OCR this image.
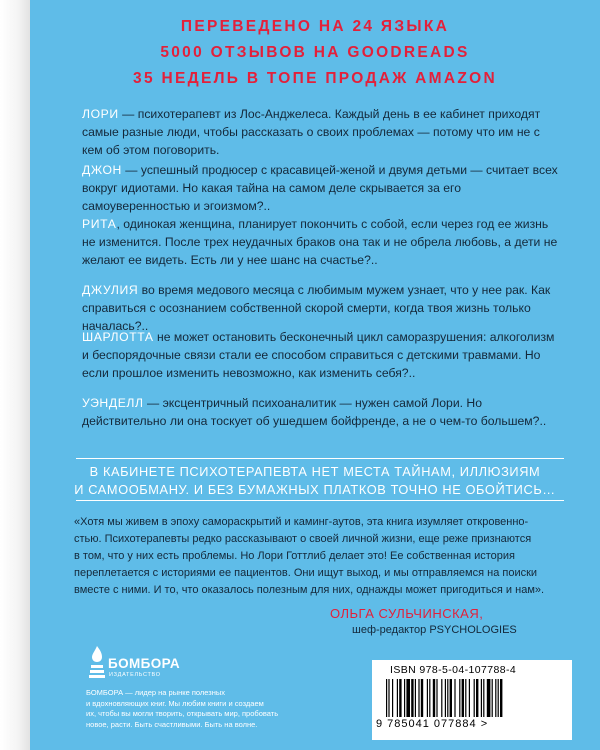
ПЕРЕВЕДЕНО НА 24 ЯЗЫКА
5000 ОТЗЫВОВ НА GOODREADS
35 НЕДЕЛЬ В ТОПЕ ПРОДАЖ AMAZON
ЛОРИ — психотерапевт из Лос-Анджелеса. Каждый день в ее кабинет приходят самые разные люди, чтобы рассказать о своих проблемах — потому что им не с кем об этом поговорить.
ДЖОН — успешный продюсер с красавицей-женой и двумя детьми — считает всех вокруг идиотами. Но какая тайна на самом деле скрывается за его самоуверенностью и эгоизмом?..
РИТА, одинокая женщина, планирует покончить с собой, если через год ее жизнь не изменится. После трех неудачных браков она так и не обрела любовь, а дети не желают ее видеть. Есть ли у нее шанс на счастье?..
ДЖУЛИЯ во время медового месяца с любимым мужем узнает, что у нее рак. Как справиться с осознанием собственной скорой смерти, когда твоя жизнь только началась?..
ШАРЛОТТА не может остановить бесконечный цикл саморазрушения: алкоголизм и беспорядочные связи стали ее способом справиться с детскими травмами. Но если прошлое изменить невозможно, как изменить себя?..
УЭНДЕЛЛ — эксцентричный психоаналитик — нужен самой Лори. Но действительно ли она тоскует об ушедшем бойфренде, а не о чем-то большем?..
В КАБИНЕТЕ ПСИХОТЕРАПЕВТА НЕТ МЕСТА ТАЙНАМ, ИЛЛЮЗИЯМ
И САМООБМАНУ. И БЕЗ БУМАЖНЫХ ПЛАТКОВ ТОЧНО НЕ ОБОЙТИСЬ…
«Хотя мы живем в эпоху самораскрытий и каминг-аутов, эта книга изумляет откровенно-
стью. Психотерапевты редко рассказывают о своей личной жизни, еще реже признаются
в том, что у них есть проблемы. Но Лори Готтлиб делает это! Ее собственная история
переплетается с историями ее пациентов. Они ищут выход, и мы отправляемся на поиски
вместе с ними. И то, что оказалось полезным для них, однажды может пригодиться и нам».
ОЛЬГА СУЛЬЧИНСКАЯ,
шеф-редактор PSYCHOLOGIES
БОМБОРА
ИЗДАТЕЛЬСТВО
БОМБОРА — лидер на рынке полезных
и вдохновляющих книг. Мы любим книги и создаем
их, чтобы вы могли творить, открывать мир, пробовать
новое, расти. Быть счастливыми. Быть на волне.
ISBN 978-5-04-107788-4
9 785041 077884 >
